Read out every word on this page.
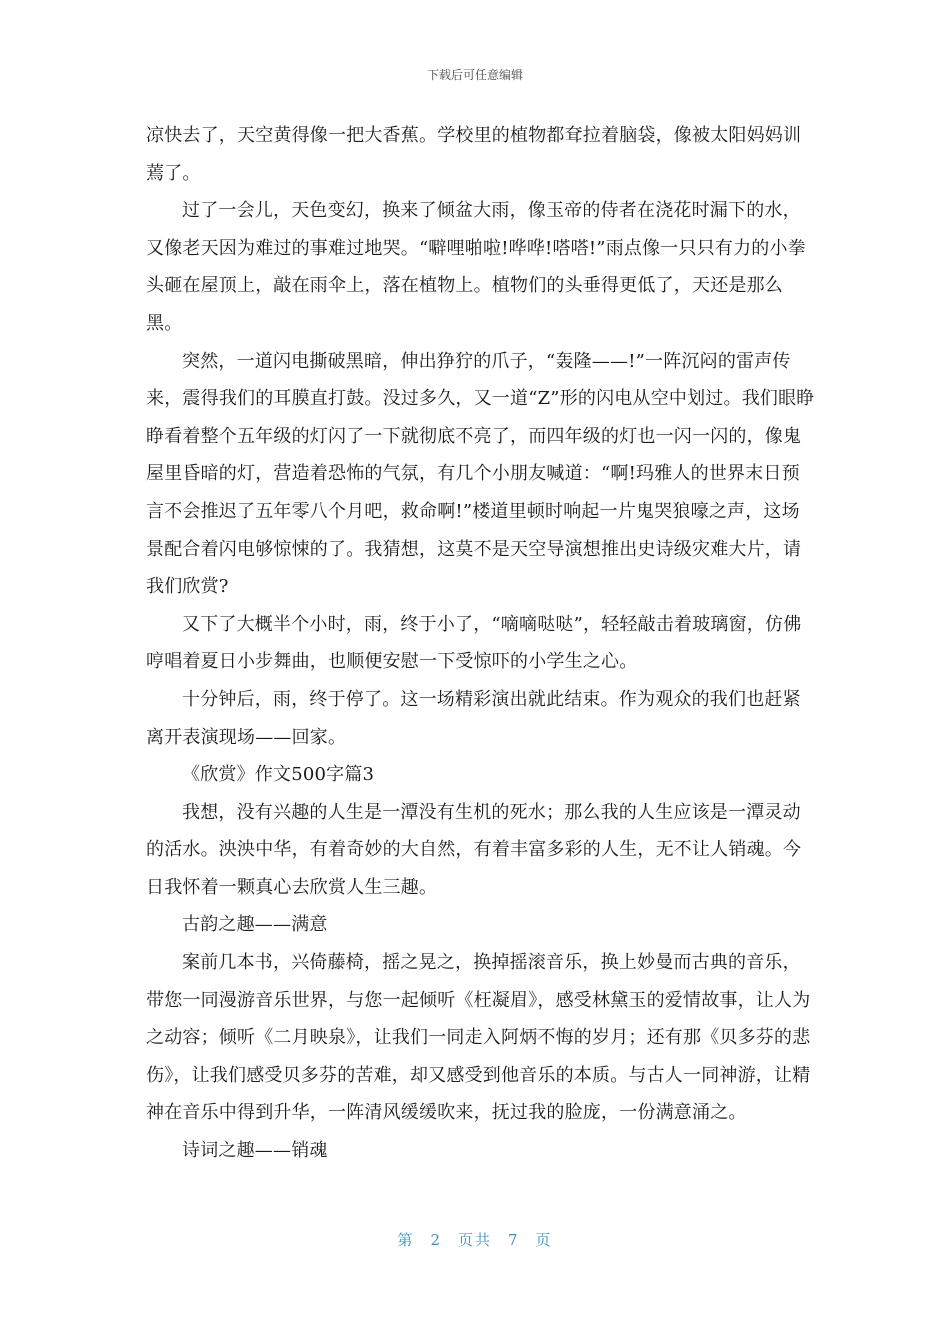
下载后可任意编辑

凉快去了，天空黄得像一把大香蕉。学校里的植物都耷拉着脑袋，像被太阳妈妈训蔫了。

过了一会儿，天色变幻，换来了倾盆大雨，像玉帝的侍者在浇花时漏下的水，又像老天因为难过的事难过地哭。“噼哩啪啦!哗哗!嗒嗒!”雨点像一只只有力的小拳头砸在屋顶上，敲在雨伞上，落在植物上。植物们的头垂得更低了，天还是那么黑。

突然，一道闪电撕破黑暗，伸出狰狞的爪子，“轰隆——!”一阵沉闷的雷声传来，震得我们的耳膜直打鼓。没过多久，又一道“Z”形的闪电从空中划过。我们眼睁睁看着整个五年级的灯闪了一下就彻底不亮了，而四年级的灯也一闪一闪的，像鬼屋里昏暗的灯，营造着恐怖的气氛，有几个小朋友喊道：“啊!玛雅人的世界末日预言不会推迟了五年零八个月吧，救命啊!”楼道里顿时响起一片鬼哭狼嚎之声，这场景配合着闪电够惊悚的了。我猜想，这莫不是天空导演想推出史诗级灾难大片，请我们欣赏?

又下了大概半个小时，雨，终于小了，“嘀嘀哒哒”，轻轻敲击着玻璃窗，仿佛哼唱着夏日小步舞曲，也顺便安慰一下受惊吓的小学生之心。

十分钟后，雨，终于停了。这一场精彩演出就此结束。作为观众的我们也赶紧离开表演现场——回家。

《欣赏》作文500字篇3

我想，没有兴趣的人生是一潭没有生机的死水；那么我的人生应该是一潭灵动的活水。泱泱中华，有着奇妙的大自然，有着丰富多彩的人生，无不让人销魂。今日我怀着一颗真心去欣赏人生三趣。

古韵之趣——满意

案前几本书，兴倚藤椅，摇之晃之，换掉摇滚音乐，换上妙曼而古典的音乐，带您一同漫游音乐世界，与您一起倾听《枉凝眉》，感受林黛玉的爱情故事，让人为之动容；倾听《二月映泉》，让我们一同走入阿炳不悔的岁月；还有那《贝多芬的悲伤》，让我们感受贝多芬的苦难，却又感受到他音乐的本质。与古人一同神游，让精神在音乐中得到升华，一阵清风缓缓吹来，抚过我的脸庞，一份满意涌之。

诗词之趣——销魂

第 2 页共 7 页
